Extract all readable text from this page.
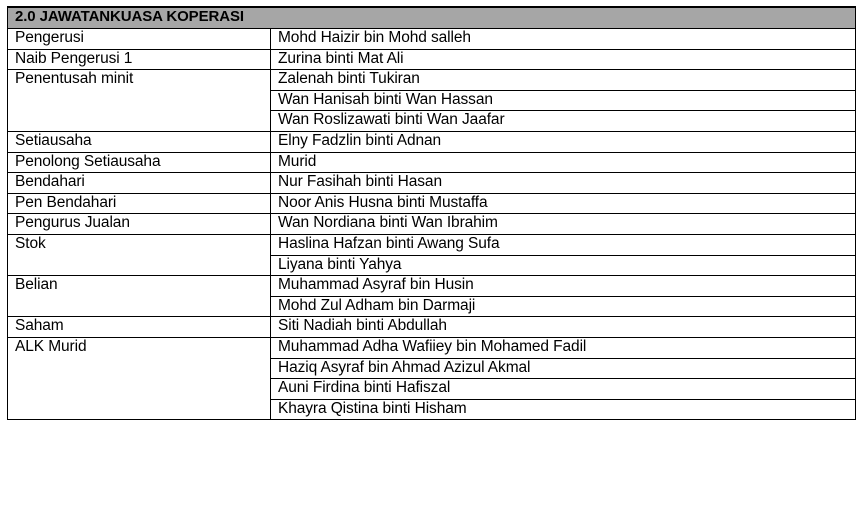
2.0 JAWATANKUASA KOPERASI	
Pengerusi	Mohd Haizir bin Mohd salleh
Naib Pengerusi 1	Zurina binti Mat Ali
Penentusah minit	Zalenah binti Tukiran
	Wan Hanisah binti Wan Hassan
	Wan Roslizawati binti Wan Jaafar
Setiausaha	Elny Fadzlin binti Adnan
Penolong Setiausaha	Murid
Bendahari	Nur Fasihah binti Hasan
Pen Bendahari	Noor Anis Husna binti Mustaffa
Pengurus Jualan	Wan Nordiana binti Wan Ibrahim
Stok	Haslina Hafzan binti Awang Sufa
	Liyana binti Yahya
Belian	Muhammad Asyraf bin Husin
	Mohd Zul Adham bin Darmaji
Saham	Siti Nadiah binti Abdullah
ALK Murid	Muhammad Adha Wafiiey bin Mohamed Fadil
	Haziq Asyraf bin Ahmad Azizul Akmal
	Auni Firdina binti Hafiszal
	Khayra Qistina binti Hisham
